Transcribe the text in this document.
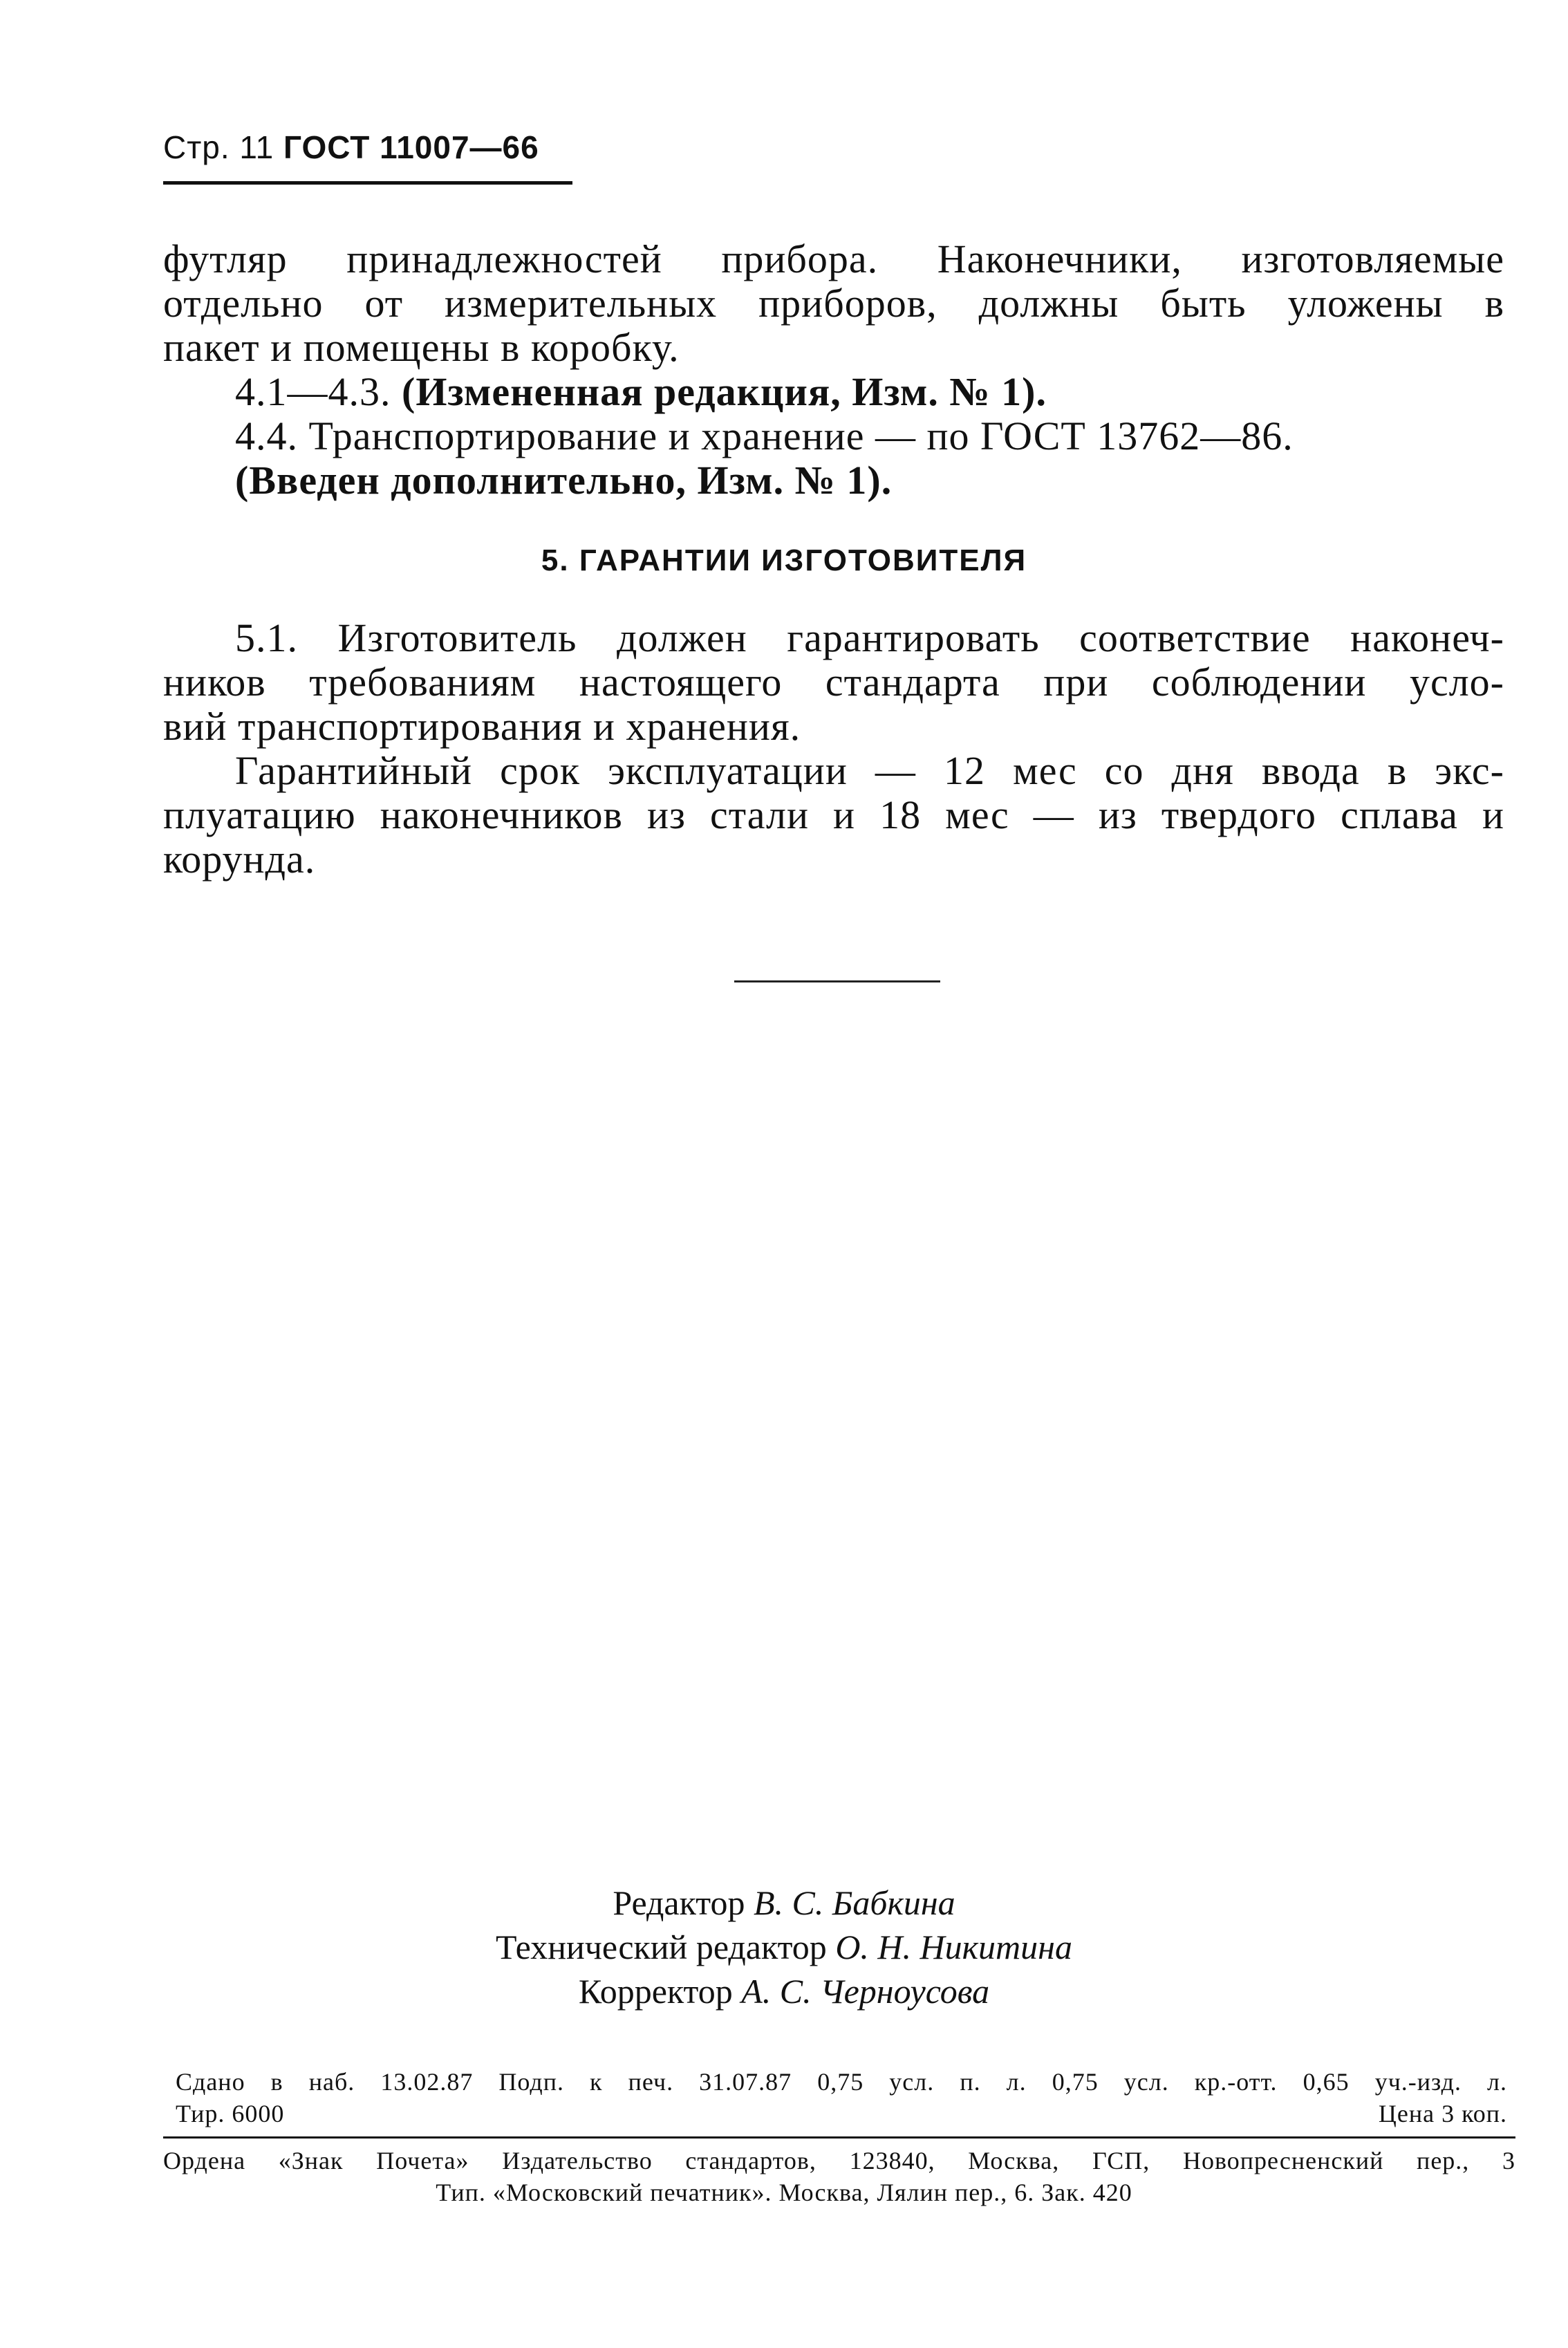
Стр. 11 ГОСТ 11007—66
футляр принадлежностей прибора. Наконечники, изготовляемые
отдельно от измерительных приборов, должны быть уложены в
пакет и помещены в коробку.
4.1—4.3. (Измененная редакция, Изм. № 1).
4.4. Транспортирование и хранение — по ГОСТ 13762—86.
(Введен дополнительно, Изм. № 1).
5. ГАРАНТИИ ИЗГОТОВИТЕЛЯ
5.1. Изготовитель должен гарантировать соответствие наконеч-
ников требованиям настоящего стандарта при соблюдении усло-
вий транспортирования и хранения.
Гарантийный срок эксплуатации — 12 мес со дня ввода в экс-
плуатацию наконечников из стали и 18 мес — из твердого сплава и
корунда.
Редактор В. С. Бабкина
Технический редактор О. Н. Никитина
Корректор А. С. Черноусова
Сдано в наб. 13.02.87 Подп. к печ. 31.07.87 0,75 усл. п. л. 0,75 усл. кр.-отт. 0,65 уч.-изд. л.
Тир. 6000	Цена 3 коп.
Ордена «Знак Почета» Издательство стандартов, 123840, Москва, ГСП, Новопресненский пер., 3
Тип. «Московский печатник». Москва, Лялин пер., 6. Зак. 420
